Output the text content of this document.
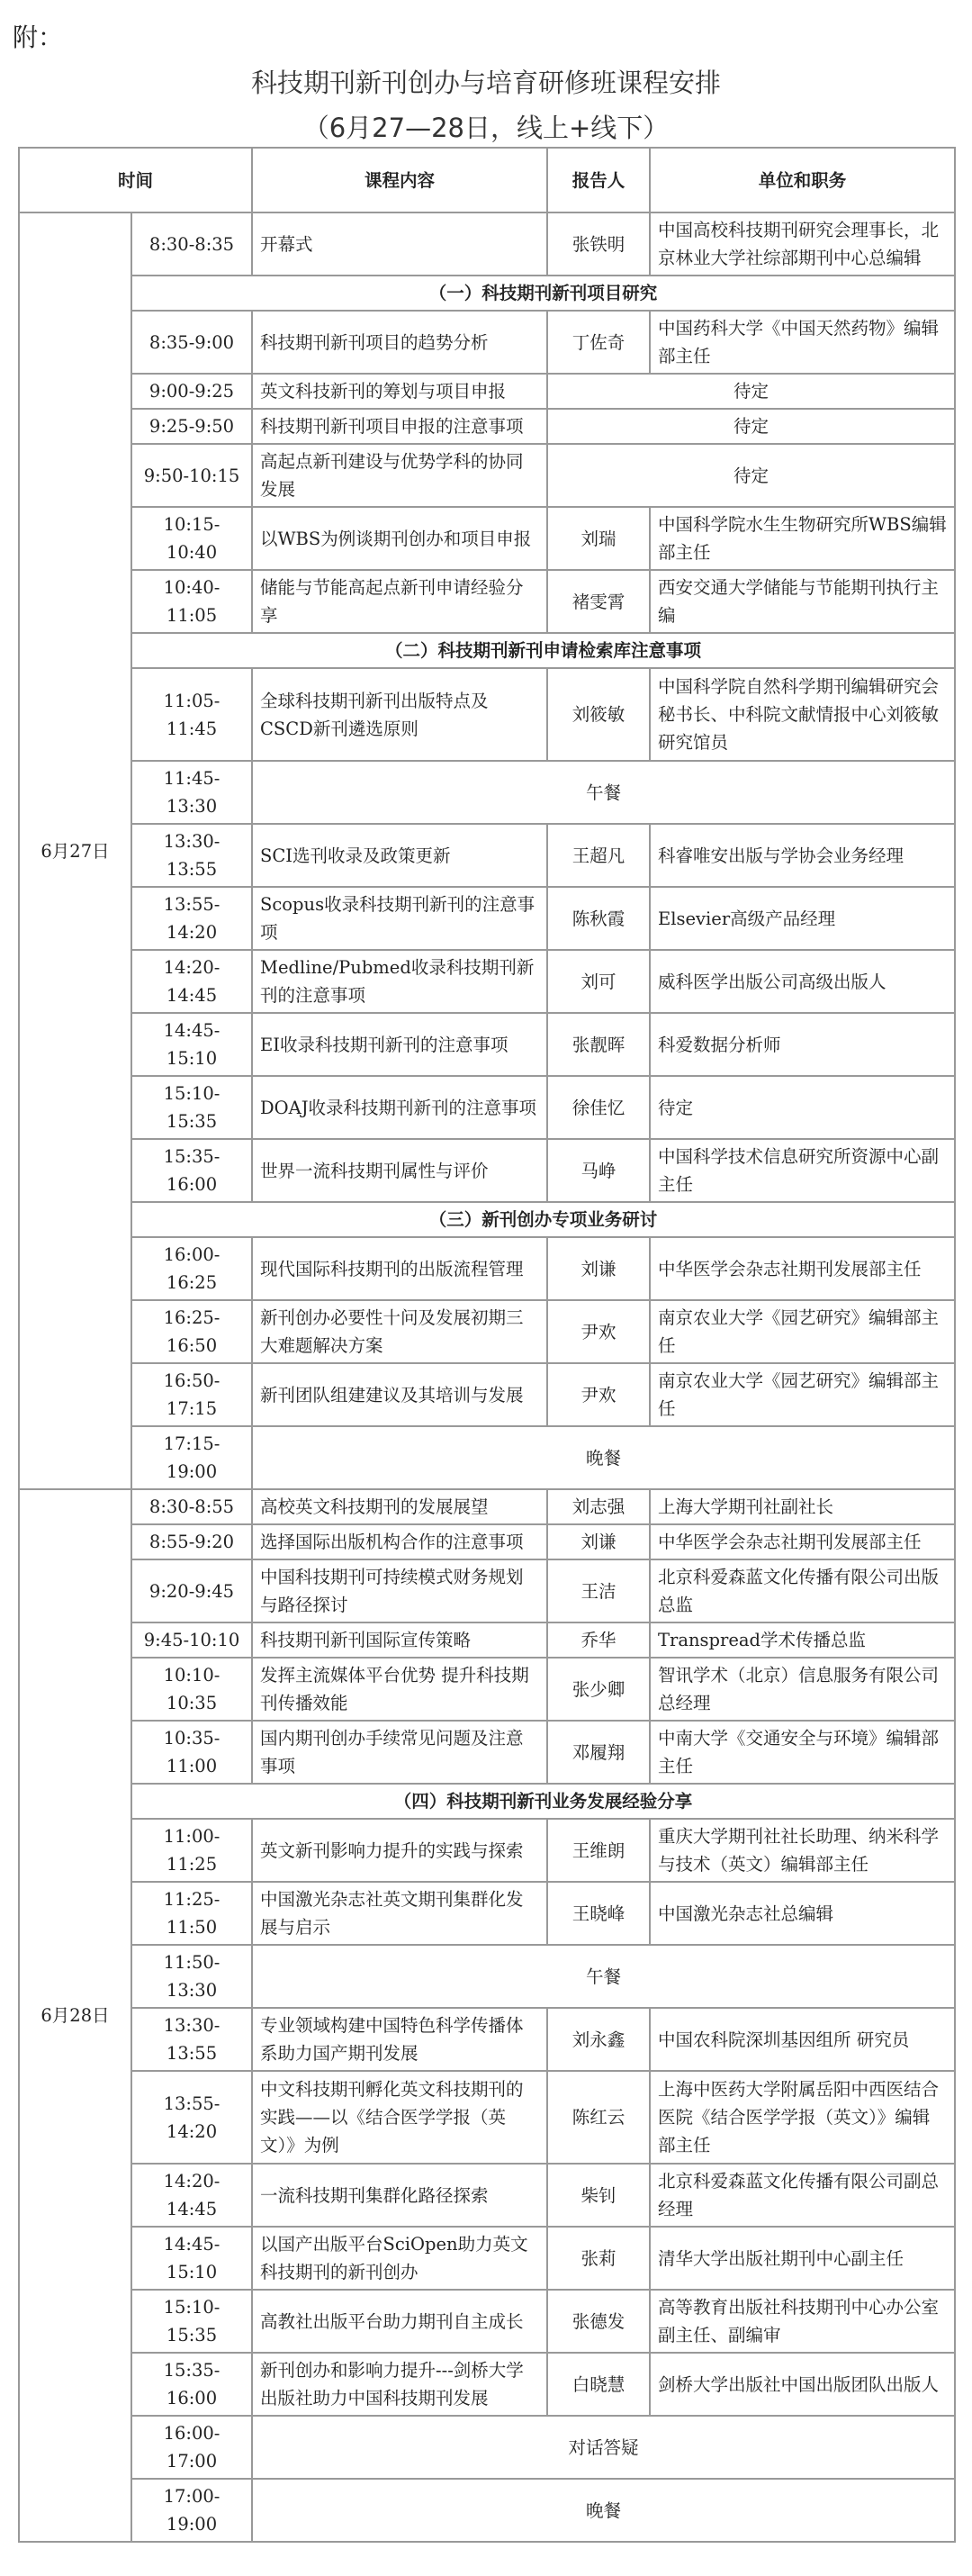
附：
科技期刊新刊创办与培育研修班课程安排
（6月27—28日，线上+线下）
时间		课程内容	报告人	单位和职务
6月27日	8:30-8:35	开幕式	张铁明	中国高校科技期刊研究会理事长，北京林业大学社综部期刊中心总编辑
	（一）科技期刊新刊项目研究			
	8:35-9:00	科技期刊新刊项目的趋势分析	丁佐奇	中国药科大学《中国天然药物》编辑部主任
	9:00-9:25	英文科技新刊的筹划与项目申报	待定	
	9:25-9:50	科技期刊新刊项目申报的注意事项	待定	
	9:50-10:15	高起点新刊建设与优势学科的协同发展	待定	
	10:15-10:40	以WBS为例谈期刊创办和项目申报	刘瑞	中国科学院水生生物研究所WBS编辑部主任
	10:40-11:05	储能与节能高起点新刊申请经验分享	褚雯霄	西安交通大学储能与节能期刊执行主编
	（二）科技期刊新刊申请检索库注意事项			
	11:05-11:45	全球科技期刊新刊出版特点及CSCD新刊遴选原则	刘筱敏	中国科学院自然科学期刊编辑研究会秘书长、中科院文献情报中心刘筱敏研究馆员
	11:45-13:30	午餐		
	13:30-13:55	SCI选刊收录及政策更新	王超凡	科睿唯安出版与学协会业务经理
	13:55-14:20	Scopus收录科技期刊新刊的注意事项	陈秋霞	Elsevier高级产品经理
	14:20-14:45	Medline/Pubmed收录科技期刊新刊的注意事项	刘可	威科医学出版公司高级出版人
	14:45-15:10	EI收录科技期刊新刊的注意事项	张靓晖	科爱数据分析师
	15:10-15:35	DOAJ收录科技期刊新刊的注意事项	徐佳忆	待定
	15:35-16:00	世界一流科技期刊属性与评价	马峥	中国科学技术信息研究所资源中心副主任
	（三）新刊创办专项业务研讨			
	16:00-16:25	现代国际科技期刊的出版流程管理	刘谦	中华医学会杂志社期刊发展部主任
	16:25-16:50	新刊创办必要性十问及发展初期三大难题解决方案	尹欢	南京农业大学《园艺研究》编辑部主任
	16:50-17:15	新刊团队组建建议及其培训与发展	尹欢	南京农业大学《园艺研究》编辑部主任
	17:15-19:00	晚餐		
6月28日	8:30-8:55	高校英文科技期刊的发展展望	刘志强	上海大学期刊社副社长
	8:55-9:20	选择国际出版机构合作的注意事项	刘谦	中华医学会杂志社期刊发展部主任
	9:20-9:45	中国科技期刊可持续模式财务规划与路径探讨	王洁	北京科爱森蓝文化传播有限公司出版总监
	9:45-10:10	科技期刊新刊国际宣传策略	乔华	Transpread学术传播总监
	10:10-10:35	发挥主流媒体平台优势 提升科技期刊传播效能	张少卿	智讯学术（北京）信息服务有限公司总经理
	10:35-11:00	国内期刊创办手续常见问题及注意事项	邓履翔	中南大学《交通安全与环境》编辑部主任
	（四）科技期刊新刊业务发展经验分享			
	11:00-11:25	英文新刊影响力提升的实践与探索	王维朗	重庆大学期刊社社长助理、纳米科学与技术（英文）编辑部主任
	11:25-11:50	中国激光杂志社英文期刊集群化发展与启示	王晓峰	中国激光杂志社总编辑
	11:50-13:30	午餐		
	13:30-13:55	专业领域构建中国特色科学传播体系助力国产期刊发展	刘永鑫	中国农科院深圳基因组所 研究员
	13:55-14:20	中文科技期刊孵化英文科技期刊的实践——以《结合医学学报（英文）》为例	陈红云	上海中医药大学附属岳阳中西医结合医院《结合医学学报（英文）》编辑部主任
	14:20-14:45	一流科技期刊集群化路径探索	柴钊	北京科爱森蓝文化传播有限公司副总经理
	14:45-15:10	以国产出版平台SciOpen助力英文科技期刊的新刊创办	张莉	清华大学出版社期刊中心副主任
	15:10-15:35	高教社出版平台助力期刊自主成长	张德发	高等教育出版社科技期刊中心办公室副主任、副编审
	15:35-16:00	新刊创办和影响力提升---剑桥大学出版社助力中国科技期刊发展	白晓慧	剑桥大学出版社中国出版团队出版人
	16:00-17:00	对话答疑		
	17:00-19:00	晚餐		
